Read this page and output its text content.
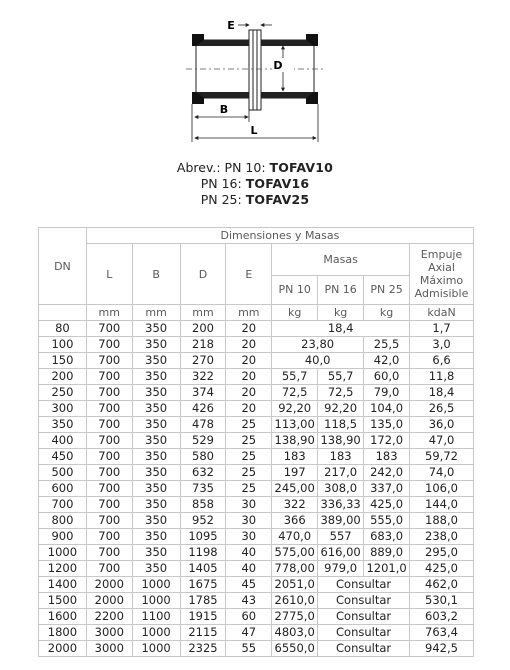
E
D
B
L
Abrev.: PN 10: TOFAV10
PN 16: TOFAV16
PN 25: TOFAV25
DN	Dimensiones y Masas							
	L	B	D	E	Masas			Empuje
Axial
Máximo
Admisible

					PN 10	PN 16	PN 25	
	mm	mm	mm	mm	kg	kg	kg	kdaN
80	700	350	200	20	18,4			1,7
100	700	350	218	20	23,80		25,5	3,0
150	700	350	270	20	40,0		42,0	6,6
200	700	350	322	20	55,7	55,7	60,0	11,8
250	700	350	374	20	72,5	72,5	79,0	18,4
300	700	350	426	20	92,20	92,20	104,0	26,5
350	700	350	478	25	113,00	118,5	135,0	36,0
400	700	350	529	25	138,90	138,90	172,0	47,0
450	700	350	580	25	183	183	183	59,72
500	700	350	632	25	197	217,0	242,0	74,0
600	700	350	735	25	245,00	308,0	337,0	106,0
700	700	350	858	30	322	336,33	425,0	144,0
800	700	350	952	30	366	389,00	555,0	188,0
900	700	350	1095	30	470,0	557	683,0	238,0
1000	700	350	1198	40	575,00	616,00	889,0	295,0
1200	700	350	1405	40	778,00	979,0	1201,0	425,0
1400	2000	1000	1675	45	2051,0	Consultar		462,0
1500	2000	1000	1785	43	2610,0	Consultar		530,1
1600	2200	1100	1915	60	2775,0	Consultar		603,2
1800	3000	1000	2115	47	4803,0	Consultar		763,4
2000	3000	1000	2325	55	6550,0	Consultar		942,5
